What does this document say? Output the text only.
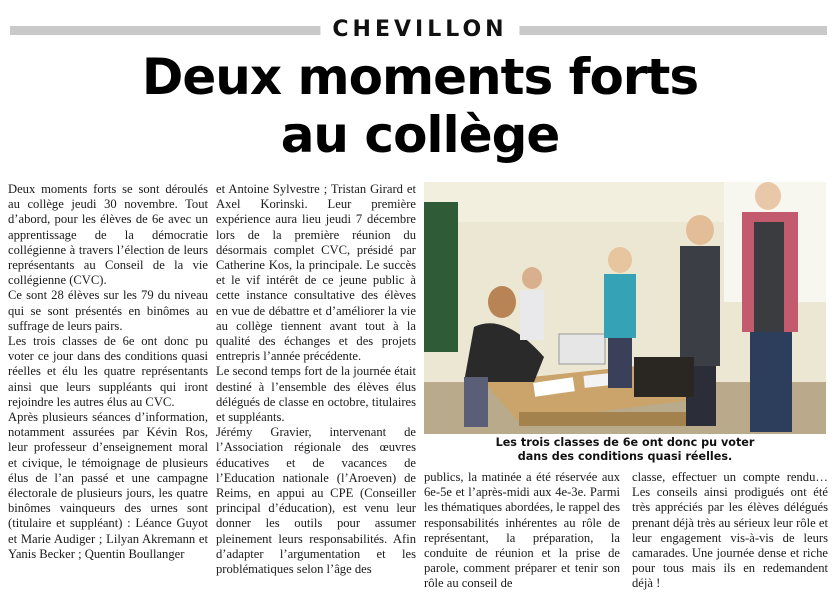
CHEVILLON
Deux moments forts
au collège

Deux moments forts se sont déroulés au collège jeudi 30 novembre. Tout d’abord, pour les élèves de 6e avec un apprentissage de la démocratie collégienne à travers l’élection de leurs représentants au Conseil de la vie collégienne (CVC).

Ce sont 28 élèves sur les 79 du niveau qui se sont présentés en binômes au suffrage de leurs pairs.

Les trois classes de 6e ont donc pu voter ce jour dans des conditions quasi réelles et élu les quatre représentants ainsi que leurs suppléants qui iront rejoindre les autres élus au CVC.

Après plusieurs séances d’information, notamment assurées par Kévin Ros, leur professeur d’enseignement moral et civique, le témoignage de plusieurs élus de l’an passé et une campagne électorale de plusieurs jours, les quatre binômes vainqueurs des urnes sont (titulaire et suppléant) : Léance Guyot et Marie Audiger ; Lilyan Akremann et Yanis Becker ; Quentin Boullanger

et Antoine Sylvestre ; Tristan Girard et Axel Korinski. Leur première expérience aura lieu jeudi 7 décembre lors de la première réunion du désormais complet CVC, présidé par Catherine Kos, la principale. Le succès et le vif intérêt de ce jeune public à cette instance consultative des élèves en vue de débattre et d’améliorer la vie au collège tiennent avant tout à la qualité des échanges et des projets entrepris l’année précédente.

Le second temps fort de la journée était destiné à l’ensemble des élèves élus délégués de classe en octobre, titulaires et suppléants.

Jérémy Gravier, intervenant de l’Association régionale des œuvres éducatives et de vacances de l’Education nationale (l’Aroeven) de Reims, en appui au CPE (Conseiller principal d’éducation), est venu leur donner les outils pour assumer pleinement leurs responsabilités. Afin d’adapter l’argumentation et les problématiques selon l’âge des

Les trois classes de 6e ont donc pu voter
dans des conditions quasi réelles.

publics, la matinée a été réservée aux 6e-5e et l’après-midi aux 4e-3e. Parmi les thématiques abordées, le rappel des responsabilités inhérentes au rôle de représentant, la préparation, la conduite de réunion et la prise de parole, comment préparer et tenir son rôle au conseil de

classe, effectuer un compte rendu… Les conseils ainsi prodigués ont été très appréciés par les élèves délégués prenant déjà très au sérieux leur rôle et leur engagement vis-à-vis de leurs camarades. Une journée dense et riche pour tous mais ils en redemandent déjà !
